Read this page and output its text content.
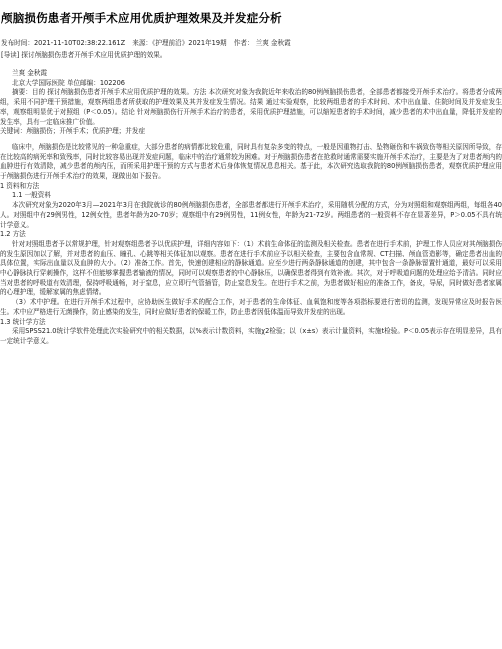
颅脑损伤患者开颅手术应用优质护理效果及并发症分析
发布时间：2021-11-10T02:38:22.161Z 来源：《护理前沿》2021年19期 作者： 兰爽 金秋霞
[导读] 探讨颅脑损伤患者开颅手术应用优质护理的效果。

兰爽 金秋霞

北京大学国际医院 单位邮编：102206

摘要：目的 探讨颅脑损伤患者开颅手术应用优质护理的效果。方法 本次研究对象为我院近年来收治的80例颅脑损伤患者，全部患者都接受开颅手术治疗。将患者分成两组，采用不同护理干预措施，观察两组患者所获取的护理效果及其并发症发生情况。结果 通过实验观察，比较两组患者的手术时间、术中出血量、住院时间及并发症发生率，观察组明显优于对照组（P＜0.05）。结论 针对颅脑损伤行开颅手术治疗的患者，采用优质护理措施，可以缩短患者的手术时间，减少患者的术中出血量，降低并发症的发生率，具有一定临床推广价值。

关键词：颅脑损伤；开颅手术；优质护理；并发症

临床中，颅脑损伤是比较常见的一种急重症，大部分患者的病情都比较危重，同时具有复杂多变的特点，一般是因重物打击、坠物砸伤和车祸致伤等相关原因所导致，存在比较高的病死率和致残率，同时比较容易出现并发症问题，临床中的治疗通常较为困难。对于颅脑损伤患者在抢救时通常需要实施开颅手术治疗，主要是为了对患者颅内的血肿进行有效清除，减少患者的颅内压，而所采用护理干预的方式与患者术后身体恢复情况息息相关。基于此，本次研究选取我院的80例颅脑损伤患者，观察优质护理应用于颅脑损伤进行开颅手术治疗的效果，现做出如下报告。

1 资料和方法

1.1 一般资料

本次研究对象为2020年3月—2021年3月在我院就诊的80例颅脑损伤患者，全部患者都进行开颅手术治疗，采用随机分配的方式，分为对照组和观察组两组，每组各40人。对照组中有29例男性，12例女性，患者年龄为20-70岁；观察组中有29例男性，11例女性，年龄为21-72岁。两组患者的一般资料不存在显著差异，P＞0.05不具有统计学意义。

1.2 方法

针对对照组患者予以常规护理，针对观察组患者予以优质护理，详细内容如下：（1）术前生命体征的监测及相关检查。患者在进行手术前，护理工作人员应对其颅脑损伤的发生原因加以了解，并对患者的血压、瞳孔、心跳等相关体征加以观察。患者在进行手术前应予以相关检查，主要包含血常规、CT扫描、颅血管造影等，确定患者出血的具体位置，实际出血量以及血肿的大小。（2）准备工作。首先，快速创建相应的静脉通道。应至少进行两条静脉通道的创建，其中包含一条静脉留置针通道，最好可以采用中心静脉执行穿刺操作，这样不但能够掌握患者输液的情况，同时可以观察患者的中心静脉压，以确保患者得到有效补液。其次，对于呼吸道问题的处理应给予清洁。同时应当对患者的呼吸道有效清理，保持呼吸通畅，对于窒息，应立即行气管插管，防止窒息发生。在进行手术之前，为患者做好相应的准备工作，备皮，导尿，同时做好患者家属的心理护理，缓解家属的焦虑情绪。

（3）术中护理。在进行开颅手术过程中，应协助医生做好手术的配合工作，对于患者的生命体征、血氧饱和度等各项指标要进行密切的监测，发现异常应及时报告医生。术中应严格进行无菌操作，防止感染的发生，同时应做好患者的保暖工作，防止患者因低体温而导致并发症的出现。

1.3 统计学方法

采用SPSS21.0统计学软件处理此次实验研究中的相关数据，以%表示计数资料，实施χ2检验；以（x±s）表示计量资料，实施t检验。P＜0.05表示存在明显差异，具有一定统计学意义。
